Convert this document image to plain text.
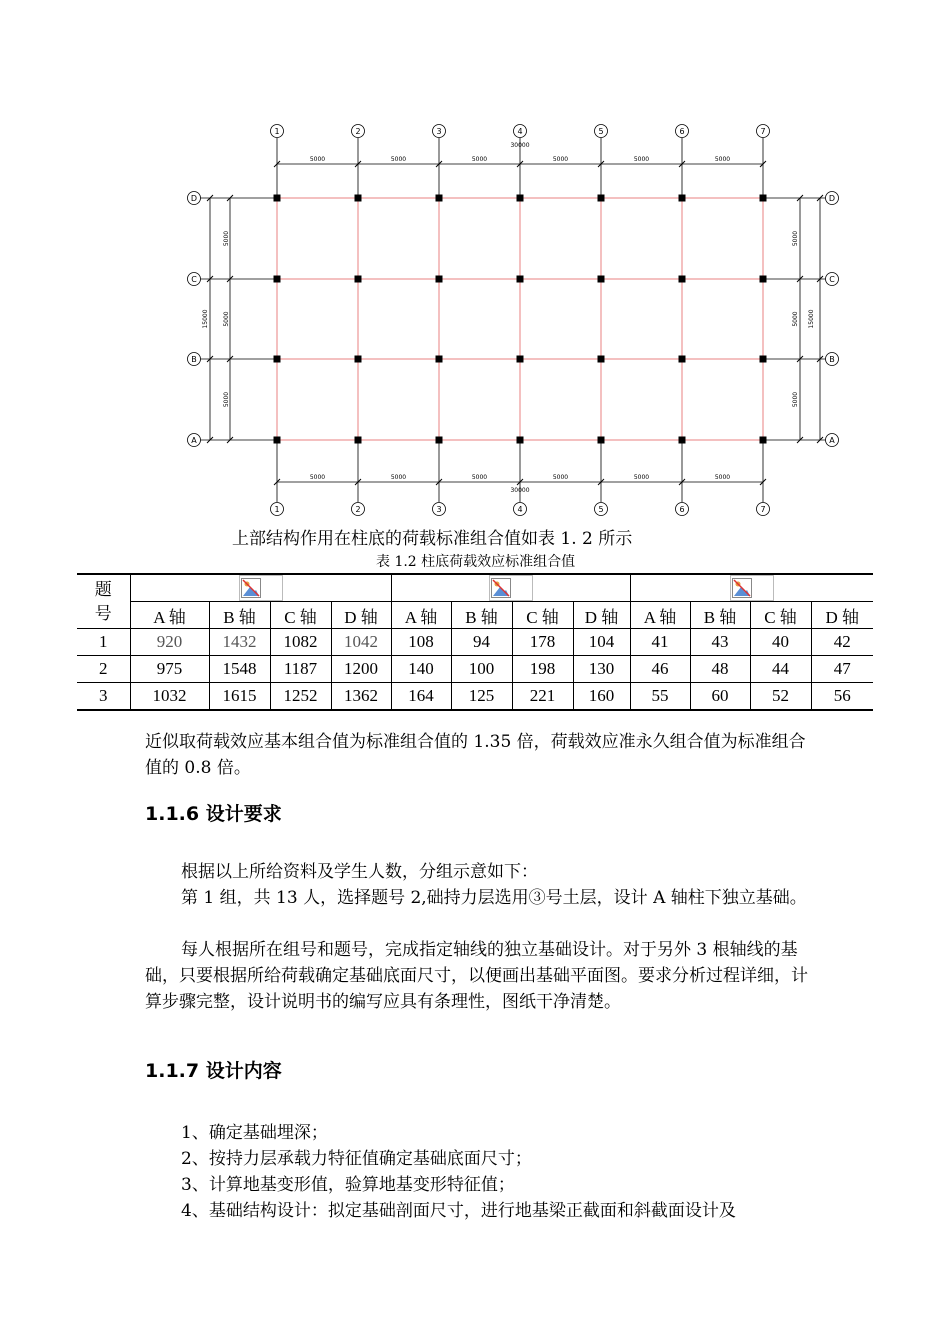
1
1
2
2
3
3
4
4
5
5
6
6
7
7
D	D
C	C
B	B
A	A
5000	5000	5000	5000	5000	5000
30000
5000	5000	5000	5000	5000	5000
30000
5000
5000
5000
15000
5000
5000
5000
15000
上部结构作用在柱底的荷载标准组合值如表 1. 2 所示
表 1.2 柱底荷载效应标准组合值
题
号	

	A 轴	B 轴	C 轴	D 轴	A 轴	B 轴	C 轴	D 轴	A 轴	B 轴	C 轴	D 轴
1	920	1432	1082	1042	108	94	178	104	41	43	40	42
2	975	1548	1187	1200	140	100	198	130	46	48	44	47
3	1032	1615	1252	1362	164	125	221	160	55	60	52	56
近似取荷载效应基本组合值为标准组合值的 1.35 倍，荷载效应准永久组合值为标准组合值的 0.8 倍。
1.1.6 设计要求
根据以上所给资料及学生人数，分组示意如下：
第 1 组，共 13 人，选择题号 2,础持力层选用③号土层，设计 A 轴柱下独立基础。
每人根据所在组号和题号，完成指定轴线的独立基础设计。对于另外 3 根轴线的基础，只要根据所给荷载确定基础底面尺寸，以便画出基础平面图。要求分析过程详细，计算步骤完整，设计说明书的编写应具有条理性，图纸干净清楚。
1.1.7 设计内容
1、确定基础埋深；
2、按持力层承载力特征值确定基础底面尺寸；
3、计算地基变形值，验算地基变形特征值；
4、基础结构设计：拟定基础剖面尺寸，进行地基梁正截面和斜截面设计及
